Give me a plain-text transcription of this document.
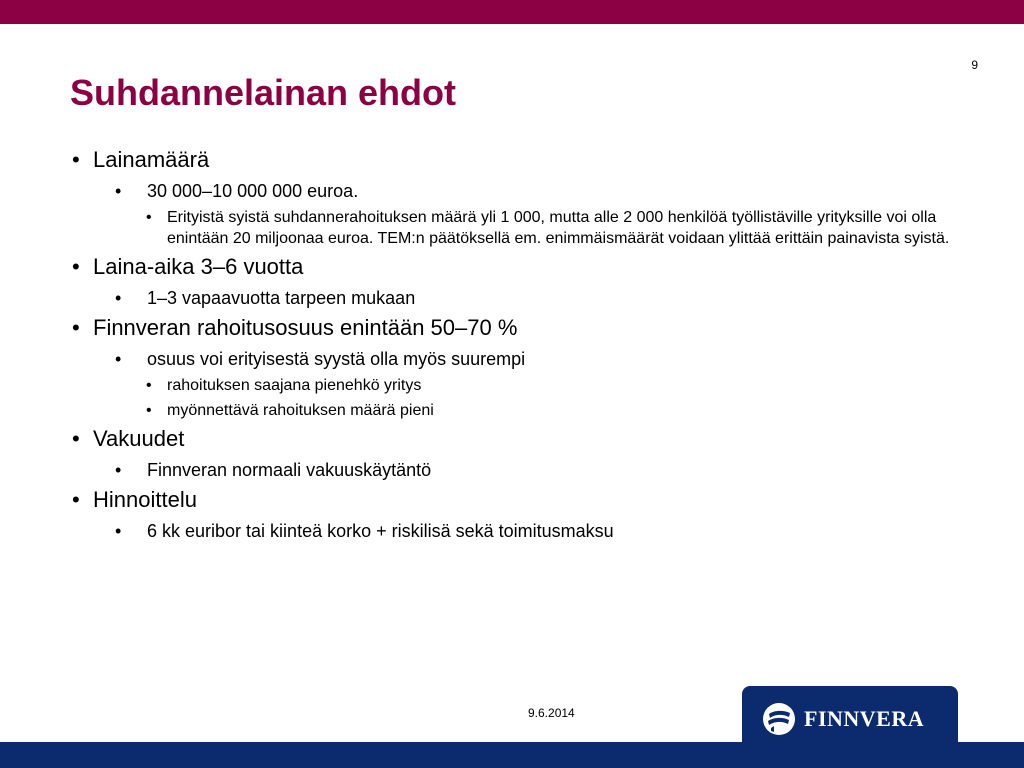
9
Suhdannelainan ehdot
• Lainamäärä
• 30 000–10 000 000 euroa.
• Erityistä syistä suhdannerahoituksen määrä yli 1 000, mutta alle 2 000 henkilöä työllistäville yrityksille voi olla enintään 20 miljoonaa euroa. TEM:n päätöksellä em. enimmäismäärät voidaan ylittää erittäin painavista syistä.
• Laina-aika 3–6 vuotta
• 1–3 vapaavuotta tarpeen mukaan
• Finnveran rahoitusosuus enintään 50–70 %
• osuus voi erityisestä syystä olla myös suurempi
• rahoituksen saajana pienehkö yritys
• myönnettävä rahoituksen määrä pieni
• Vakuudet
• Finnveran normaali vakuuskäytäntö
• Hinnoittelu
• 6 kk euribor tai kiinteä korko + riskilisä sekä toimitusmaksu
9.6.2014	FINNVERA
